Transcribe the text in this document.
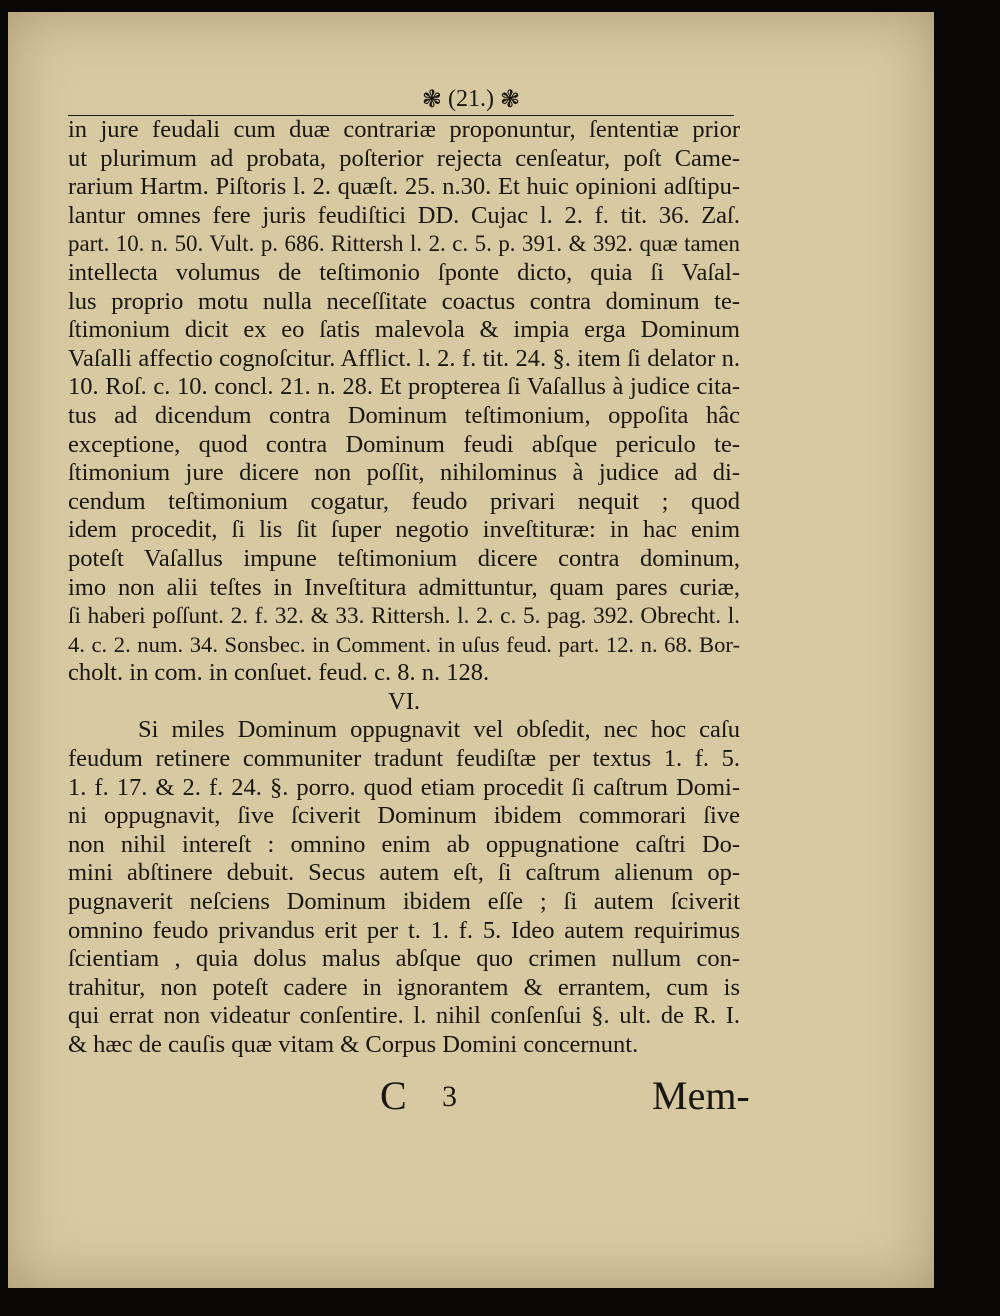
❃ (21.) ❃
in jure feudali cum duæ contrariæ proponuntur, ſententiæ prior
ut plurimum ad probata, poſterior rejecta cenſeatur, poſt Came-
rarium Hartm. Piſtoris l. 2. quæſt. 25. n.30. Et huic opinioni adſtipu-
lantur omnes fere juris feudiſtici DD. Cujac l. 2. f. tit. 36. Zaſ.
part. 10. n. 50. Vult. p. 686. Rittersh l. 2. c. 5. p. 391. & 392. quæ tamen
intellecta volumus de teſtimonio ſponte dicto, quia ſi Vaſal-
lus proprio motu nulla neceſſitate coactus contra dominum te-
ſtimonium dicit ex eo ſatis malevola & impia erga Dominum
Vaſalli affectio cognoſcitur. Afflict. l. 2. f. tit. 24. §. item ſi delator n.
10. Roſ. c. 10. concl. 21. n. 28. Et propterea ſi Vaſallus à judice cita-
tus ad dicendum contra Dominum teſtimonium, oppoſita hâc
exceptione, quod contra Dominum feudi abſque periculo te-
ſtimonium jure dicere non poſſit, nihilominus à judice ad di-
cendum teſtimonium cogatur, feudo privari nequit ; quod
idem procedit, ſi lis ſit ſuper negotio inveſtituræ: in hac enim
poteſt Vaſallus impune teſtimonium dicere contra dominum,
imo non alii teſtes in Inveſtitura admittuntur, quam pares curiæ,
ſi haberi poſſunt. 2. f. 32. & 33. Rittersh. l. 2. c. 5. pag. 392. Obrecht. l.
4. c. 2. num. 34. Sonsbec. in Comment. in uſus feud. part. 12. n. 68. Bor-
cholt. in com. in conſuet. feud. c. 8. n. 128.
VI.
Si miles Dominum oppugnavit vel obſedit, nec hoc caſu
feudum retinere communiter tradunt feudiſtæ per textus 1. f. 5.
1. f. 17. & 2. f. 24. §. porro. quod etiam procedit ſi caſtrum Domi-
ni oppugnavit, ſive ſciverit Dominum ibidem commorari ſive
non nihil intereſt : omnino enim ab oppugnatione caſtri Do-
mini abſtinere debuit. Secus autem eſt, ſi caſtrum alienum op-
pugnaverit neſciens Dominum ibidem eſſe ; ſi autem ſciverit
omnino feudo privandus erit per t. 1. f. 5. Ideo autem requirimus
ſcientiam , quia dolus malus abſque quo crimen nullum con-
trahitur, non poteſt cadere in ignorantem & errantem, cum is
qui errat non videatur conſentire. l. nihil conſenſui §. ult. de R. I.
& hæc de cauſis quæ vitam & Corpus Domini concernunt.
C 3	Mem-
